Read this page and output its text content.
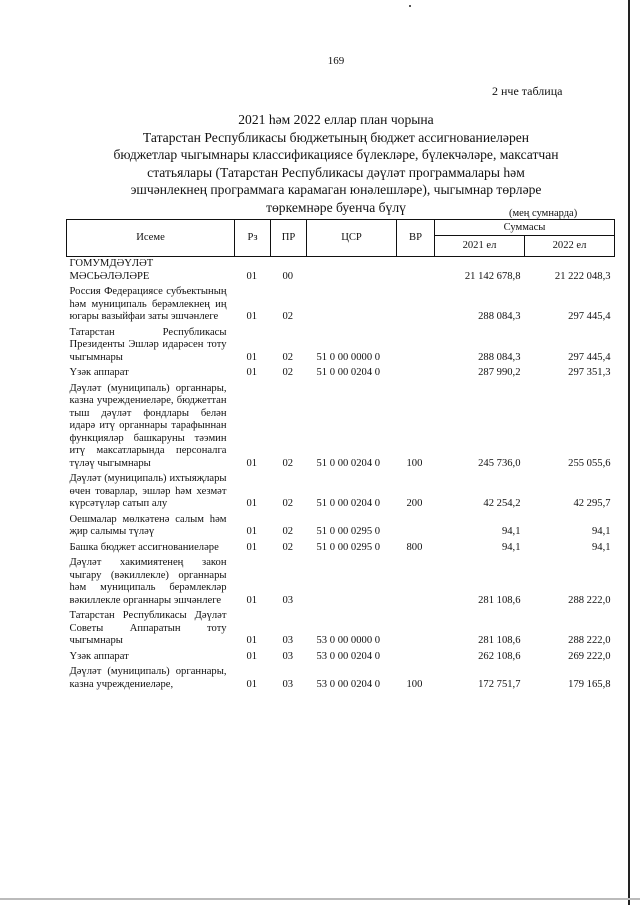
169
2 нче таблица
2021 һәм 2022 еллар план чорына
Татарстан Республикасы бюджетының бюджет ассигнованиеләрен
бюджетлар чыгымнары классификациясе бүлекләре, бүлекчәләре, максатчан
статьялары (Татарстан Республикасы дәүләт программалары һәм
эшчәнлекнең программага карамаган юнәлешләре), чыгымнар төрләре
төркемнәре буенча бүлү	(мең сумнарда)
Исеме	Рз	ПР	ЦСР	ВР	Суммасы	
					2021 ел	2022 ел
ГОМУМДӘҮЛӘТ МӘСЬӘЛӘЛӘРЕ	01	00			21 142 678,8	21 222 048,3
Россия Федерациясе субъектының һәм муниципаль берәмлекнең иң югары вазыйфаи заты эшчәнлеге	01	02			288 084,3	297 445,4
Татарстан Республикасы Президенты Эшләр идарәсен тоту чыгымнары	01	02	51 0 00 0000 0		288 084,3	297 445,4
Үзәк аппарат	01	02	51 0 00 0204 0		287 990,2	297 351,3
Дәүләт (муниципаль) органнары, казна учреждениеләре, бюджеттан тыш дәүләт фондлары белән идарә итү органнары тарафыннан функцияләр башкаруны тәэмин итү максатларында персоналга түләү чыгымнары	01	02	51 0 00 0204 0	100	245 736,0	255 055,6
Дәүләт (муниципаль) ихтыяҗлары өчен товарлар, эшләр һәм хезмәт күрсәтүләр сатып алу	01	02	51 0 00 0204 0	200	42 254,2	42 295,7
Оешмалар мөлкәтенә салым һәм җир салымы түләү	01	02	51 0 00 0295 0		94,1	94,1
Башка бюджет ассигнованиеләре	01	02	51 0 00 0295 0	800	94,1	94,1
Дәүләт хакимиятенең закон чыгару (вәкиллекле) органнары һәм муниципаль берәмлекләр вәкиллекле органнары эшчәнлеге	01	03			281 108,6	288 222,0
Татарстан Республикасы Дәүләт Советы Аппаратын тоту чыгымнары	01	03	53 0 00 0000 0		281 108,6	288 222,0
Үзәк аппарат	01	03	53 0 00 0204 0		262 108,6	269 222,0
Дәүләт (муниципаль) органнары, казна учреждениеләре,	01	03	53 0 00 0204 0	100	172 751,7	179 165,8
